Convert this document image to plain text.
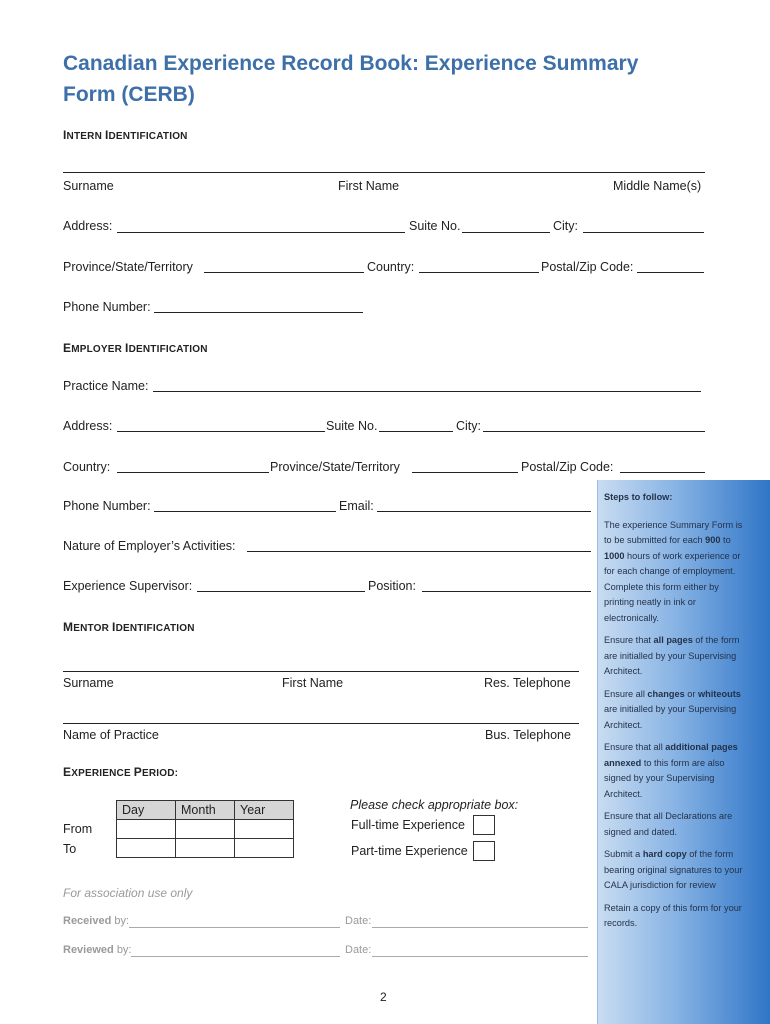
Canadian Experience Record Book: Experience Summary Form (CERB)
INTERN IDENTIFICATION
Surname	First Name	Middle Name(s)
Address:	Suite No.	City:
Province/State/Territory	Country:	Postal/Zip Code:
Phone Number:
EMPLOYER IDENTIFICATION
Practice Name:
Address:	Suite No.	City:
Country:	Province/State/Territory	Postal/Zip Code:
Phone Number:	Email:
Nature of Employer’s Activities:
Experience Supervisor:	Position:
MENTOR IDENTIFICATION
Surname	First Name	Res. Telephone
Name of Practice	Bus. Telephone
EXPERIENCE PERIOD:
Day	Month	Year

From
To
Please check appropriate box:
Full-time Experience
Part-time Experience
For association use only
Received by:	Date:
Reviewed by:	Date:

Steps to follow:

The experience Summary Form is to be submitted for each 900 to 1000 hours of work experience or for each change of employment. Complete this form either by printing neatly in ink or electronically.

Ensure that all pages of the form are initialled by your Supervising Architect.

Ensure all changes or whiteouts are initialled by your Supervising Architect.

Ensure that all additional pages annexed to this form are also signed by your Supervising Architect.

Ensure that all Declarations are signed and dated.

Submit a hard copy of the form bearing original signatures to your CALA jurisdiction for review

Retain a copy of this form for your records.

2
